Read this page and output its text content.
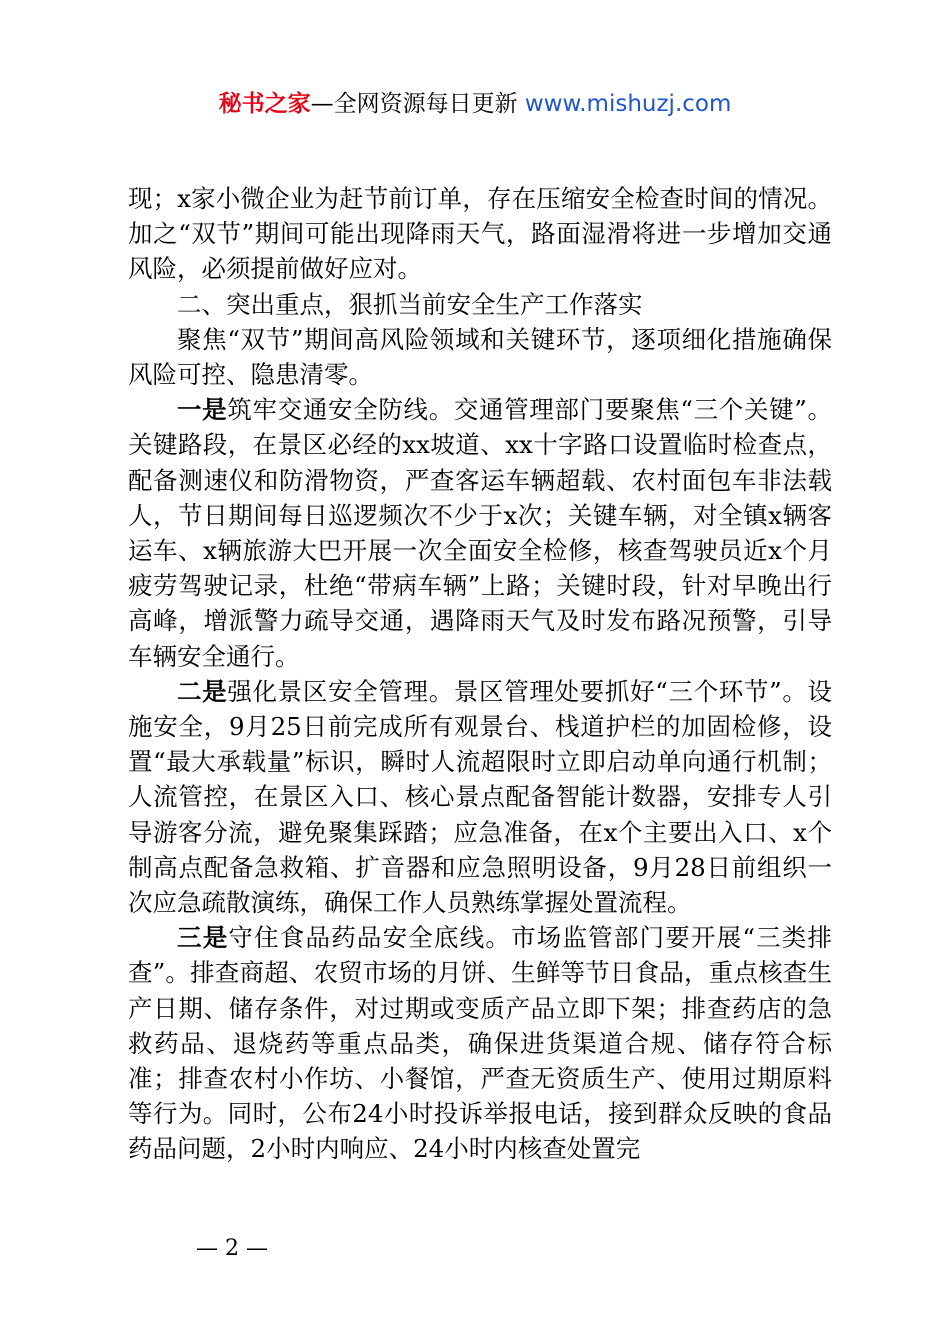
秘书之家—全网资源每日更新 www.mishuzj.com

现；x家小微企业为赶节前订单，存在压缩安全检查时间的情况。加之“双节”期间可能出现降雨天气，路面湿滑将进一步增加交通风险，必须提前做好应对。

二、突出重点，狠抓当前安全生产工作落实

聚焦“双节”期间高风险领域和关键环节，逐项细化措施确保风险可控、隐患清零。

一是筑牢交通安全防线。交通管理部门要聚焦“三个关键”。关键路段，在景区必经的xx坡道、xx十字路口设置临时检查点，配备测速仪和防滑物资，严查客运车辆超载、农村面包车非法载人，节日期间每日巡逻频次不少于x次；关键车辆，对全镇x辆客运车、x辆旅游大巴开展一次全面安全检修，核查驾驶员近x个月疲劳驾驶记录，杜绝“带病车辆”上路；关键时段，针对早晚出行高峰，增派警力疏导交通，遇降雨天气及时发布路况预警，引导车辆安全通行。

二是强化景区安全管理。景区管理处要抓好“三个环节”。设施安全，9月25日前完成所有观景台、栈道护栏的加固检修，设置“最大承载量”标识，瞬时人流超限时立即启动单向通行机制；人流管控，在景区入口、核心景点配备智能计数器，安排专人引导游客分流，避免聚集踩踏；应急准备，在x个主要出入口、x个制高点配备急救箱、扩音器和应急照明设备，9月28日前组织一次应急疏散演练，确保工作人员熟练掌握处置流程。

三是守住食品药品安全底线。市场监管部门要开展“三类排查”。排查商超、农贸市场的月饼、生鲜等节日食品，重点核查生产日期、储存条件，对过期或变质产品立即下架；排查药店的急救药品、退烧药等重点品类，确保进货渠道合规、储存符合标准；排查农村小作坊、小餐馆，严查无资质生产、使用过期原料等行为。同时，公布24小时投诉举报电话，接到群众反映的食品药品问题，2小时内响应、24小时内核查处置完

— 2 —
